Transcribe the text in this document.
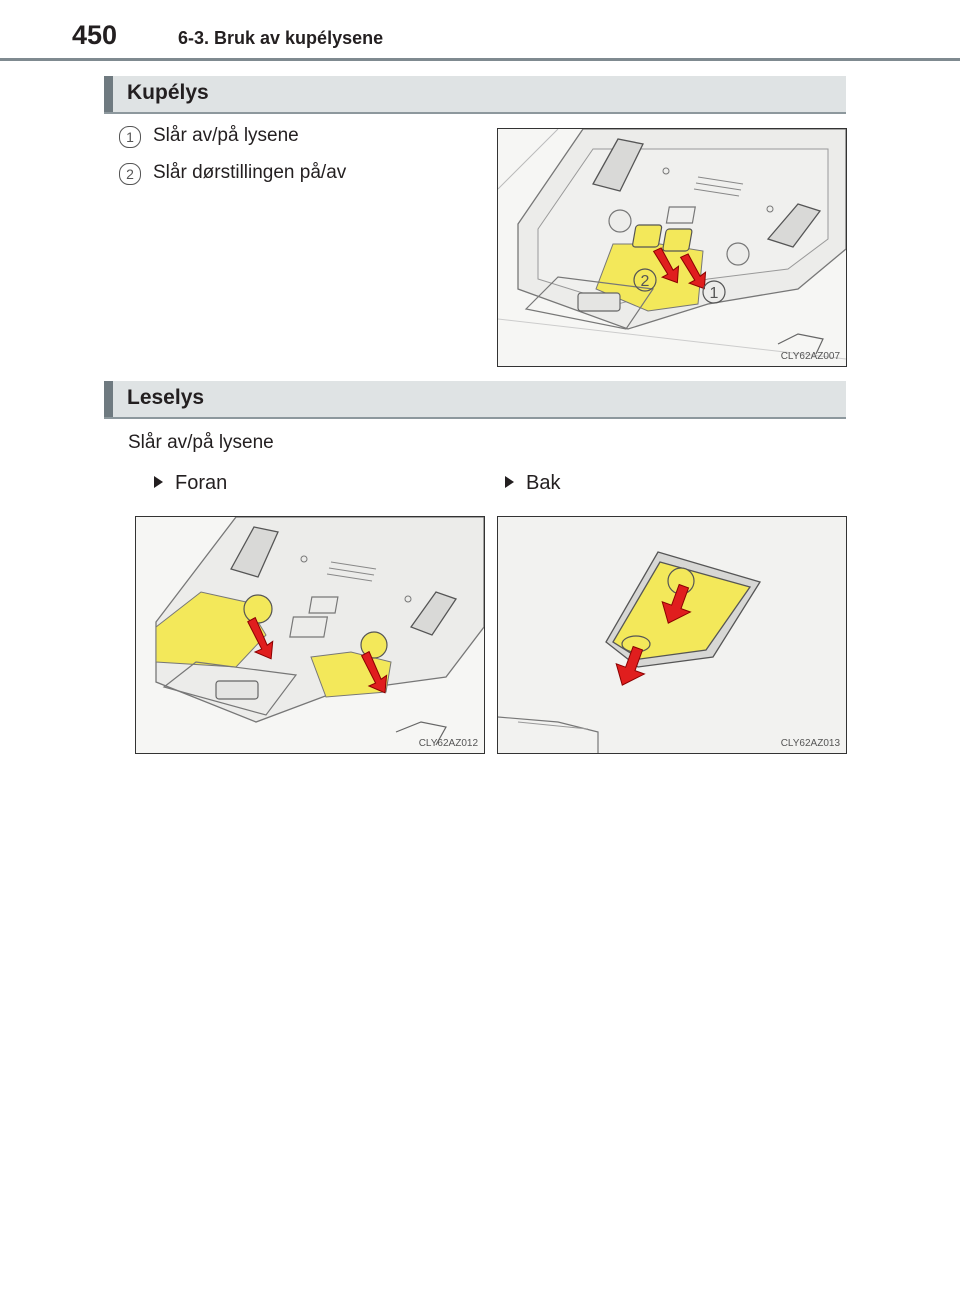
450	6-3. Bruk av kupélysene
Kupélys
1	Slår av/på lysene
2	Slår dørstillingen på/av
2
1
CLY62AZ007
Leselys
Slår av/på lysene
Foran	Bak
CLY62AZ012	CLY62AZ013
